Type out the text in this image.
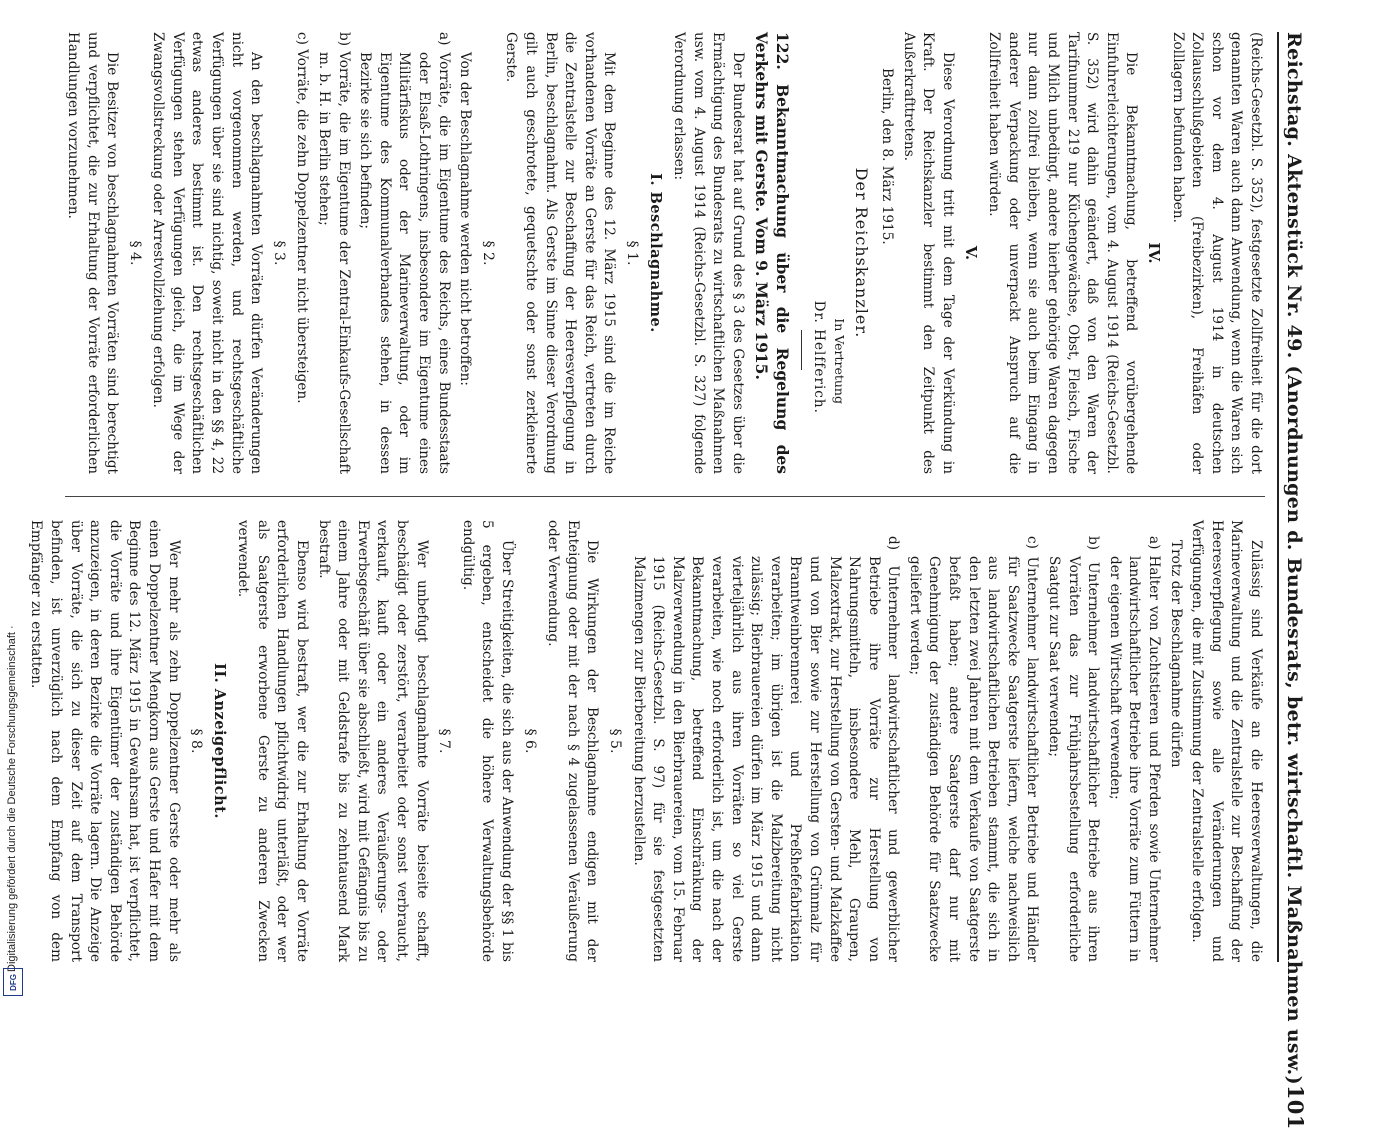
Reichstag. Aktenstück Nr. 49. (Anordnungen d. Bundesrats, betr. wirtschaftl. Maßnahmen usw.)
101

(Reichs-Gesetzbl. S. 352), festgesetzte Zollfreiheit für die dort genannten Waren auch dann Anwendung, wenn die Waren sich schon vor dem 4. August 1914 in deutschen Zollausschlußgebieten (Freibezirken), Freihäfen oder Zolllagern befunden haben.

IV.

Die Bekanntmachung, betreffend vorübergehende Einfuhrerleichterungen, vom 4. August 1914 (Reichs-Gesetzbl. S. 352) wird dahin geändert, daß von den Waren der Tarifnummer 219 nur Küchengewächse, Obst, Fleisch, Fische und Milch unbedingt, andere hierher gehörige Waren dagegen nur dann zollfrei bleiben, wenn sie auch beim Eingang in anderer Verpackung oder unverpackt Anspruch auf die Zollfreiheit haben würden.

V.

Diese Verordnung tritt mit dem Tage der Verkündung in Kraft. Der Reichskanzler bestimmt den Zeitpunkt des Außerkrafttretens.

Berlin, den 8. März 1915.

Der Reichskanzler.

In Vertretung

Dr. Helfferich.

122. Bekanntmachung über die Regelung des Verkehrs mit Gerste. Vom 9. März 1915.

Der Bundesrat hat auf Grund des § 3 des Gesetzes über die Ermächtigung des Bundesrats zu wirtschaftlichen Maßnahmen usw. vom 4. August 1914 (Reichs-Gesetzbl. S. 327) folgende Verordnung erlassen:

I. Beschlagnahme.

§ 1.

Mit dem Beginne des 12. März 1915 sind die im Reiche vorhandenen Vorräte an Gerste für das Reich, vertreten durch die Zentralstelle zur Beschaffung der Heeresverpflegung in Berlin, beschlagnahmt. Als Gerste im Sinne dieser Verordnung gilt auch geschrotete, gequetschte oder sonst zerkleinerte Gerste.

§ 2.

Von der Beschlagnahme werden nicht betroffen:

a) Vorräte, die im Eigentume des Reichs, eines Bundesstaats oder Elsaß-Lothringens, insbesondere im Eigentume eines Militärfiskus oder der Marineverwaltung, oder im Eigentume des Kommunalverbandes stehen, in dessen Bezirke sie sich befinden;

b) Vorräte, die im Eigentume der Zentral-Einkaufs-Gesellschaft m. b. H. in Berlin stehen;

c) Vorräte, die zehn Doppelzentner nicht übersteigen.

§ 3.

An den beschlagnahmten Vorräten dürfen Veränderungen nicht vorgenommen werden, und rechtsgeschäftliche Verfügungen über sie sind nichtig, soweit nicht in den §§ 4, 22 etwas anderes bestimmt ist. Den rechtsgeschäftlichen Verfügungen stehen Verfügungen gleich, die im Wege der Zwangsvollstreckung oder Arrestvollziehung erfolgen.

§ 4.

Die Besitzer von beschlagnahmten Vorräten sind berechtigt und verpflichtet, die zur Erhaltung der Vorräte erforderlichen Handlungen vorzunehmen.

Zulässig sind Verkäufe an die Heeresverwaltungen, die Marineverwaltung und die Zentralstelle zur Beschaffung der Heeresverpflegung sowie alle Veränderungen und Verfügungen, die mit Zustimmung der Zentralstelle erfolgen.

Trotz der Beschlagnahme dürfen

a) Halter von Zuchtstieren und Pferden sowie Unternehmer landwirtschaftlicher Betriebe ihre Vorräte zum Füttern in der eigenen Wirtschaft verwenden;

b) Unternehmer landwirtschaftlicher Betriebe aus ihren Vorräten das zur Frühjahrsbestellung erforderliche Saatgut zur Saat verwenden;

c) Unternehmer landwirtschaftlicher Betriebe und Händler für Saatzwecke Saatgerste liefern, welche nachweislich aus landwirtschaftlichen Betrieben stammt, die sich in den letzten zwei Jahren mit dem Verkaufe von Saatgerste befaßt haben; andere Saatgerste darf nur mit Genehmigung der zuständigen Behörde für Saatzwecke geliefert werden;

d) Unternehmer landwirtschaftlicher und gewerblicher Betriebe ihre Vorräte zur Herstellung von Nahrungsmitteln, insbesondere Mehl, Graupen, Malzextrakt, zur Herstellung von Gersten- und Malzkaffee und von Bier sowie zur Herstellung von Grünmalz für Branntweinbrennerei und Preßhefefabrikation verarbeiten; im übrigen ist die Malzbereitung nicht zulässig; Bierbrauereien dürfen im März 1915 und dann vierteljährlich aus ihren Vorräten so viel Gerste verarbeiten, wie noch erforderlich ist, um die nach der Bekanntmachung, betreffend Einschränkung der Malzverwendung in den Bierbrauereien, vom 15. Februar 1915 (Reichs-Gesetzbl. S. 97) für sie festgesetzten Malzmengen zur Bierbereitung herzustellen.

§ 5.

Die Wirkungen der Beschlagnahme endigen mit der Enteignung oder mit der nach § 4 zugelassenen Veräußerung oder Verwendung.

§ 6.

Über Streitigkeiten, die sich aus der Anwendung der §§ 1 bis 5 ergeben, entscheidet die höhere Verwaltungsbehörde endgültig.

§ 7.

Wer unbefugt beschlagnahmte Vorräte beiseite schafft, beschädigt oder zerstört, verarbeitet oder sonst verbraucht, verkauft, kauft oder ein anderes Veräußerungs- oder Erwerbsgeschäft über sie abschließt, wird mit Gefängnis bis zu einem Jahre oder mit Geldstrafe bis zu zehntausend Mark bestraft.

Ebenso wird bestraft, wer die zur Erhaltung der Vorräte erforderlichen Handlungen pflichtwidrig unterläßt, oder wer als Saatgerste erworbene Gerste zu anderen Zwecken verwendet.

II. Anzeigepflicht.

§ 8.

Wer mehr als zehn Doppelzentner Gerste oder mehr als einen Doppelzentner Mengkorn aus Gerste und Hafer mit dem Beginne des 12. März 1915 in Gewahrsam hat, ist verpflichtet, die Vorräte und ihre Eigentümer der zuständigen Behörde anzuzeigen, in deren Bezirke die Vorräte lagern. Die Anzeige über Vorräte, die sich zu dieser Zeit auf dem Transport befinden, ist unverzüglich nach dem Empfang von dem Empfänger zu erstatten.

Digitalisierung gefördert durch die Deutsche Forschungsgemeinschaft ·
DFG
